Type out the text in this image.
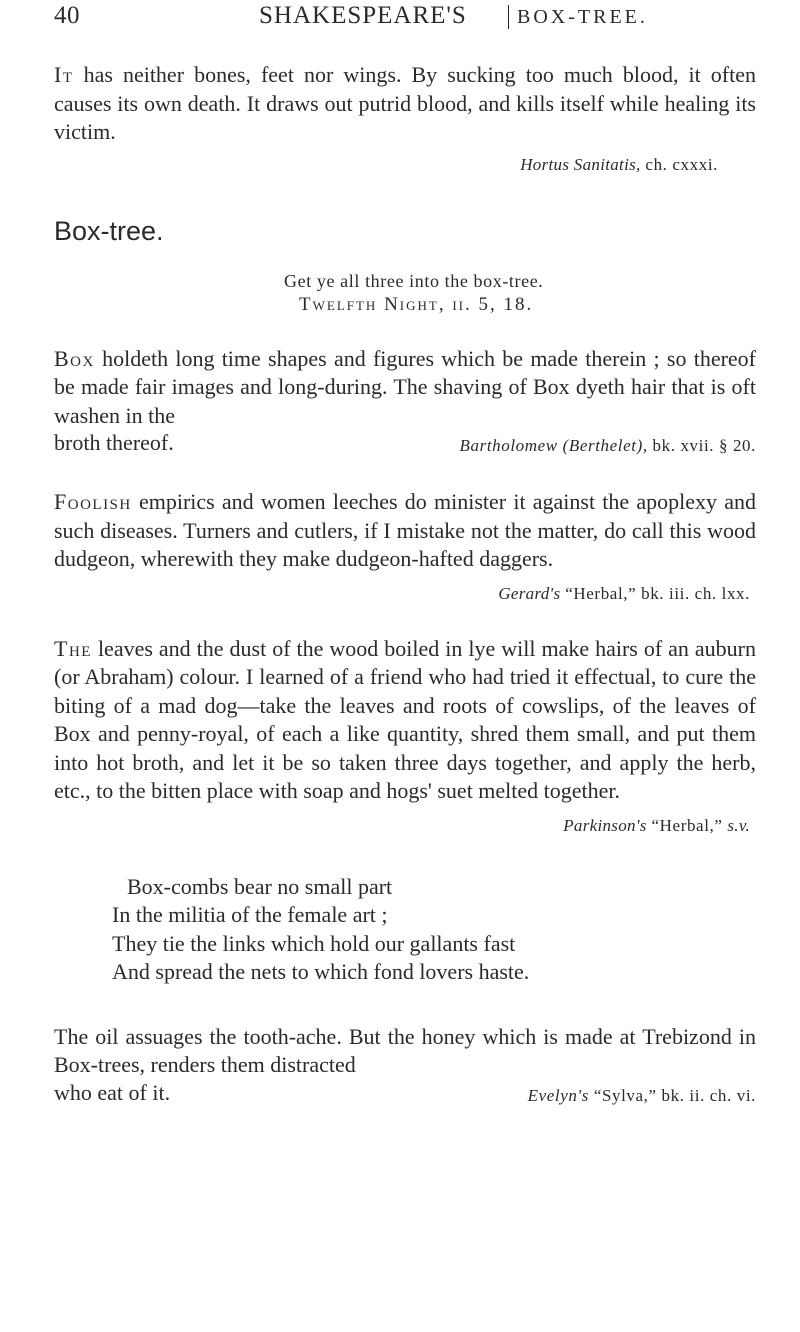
40	SHAKESPEARE'S	BOX-TREE.

It has neither bones, feet nor wings. By sucking too much blood, it often causes its own death. It draws out putrid blood, and kills itself while healing its victim.

Hortus Sanitatis, ch. cxxxi.

Box-tree.
Get ye all three into the box-tree.
Twelfth Night, ii. 5, 18.

Box holdeth long time shapes and figures which be made therein ; so thereof be made fair images and long-during. The shaving of Box dyeth hair that is oft washen in the

broth thereof.	Bartholomew (Berthelet), bk. xvii. § 20.

Foolish empirics and women leeches do minister it against the apoplexy and such diseases. Turners and cutlers, if I mistake not the matter, do call this wood dudgeon, wherewith they make dudgeon-hafted daggers.

Gerard's “Herbal,” bk. iii. ch. lxx.

The leaves and the dust of the wood boiled in lye will make hairs of an auburn (or Abraham) colour. I learned of a friend who had tried it effectual, to cure the biting of a mad dog—take the leaves and roots of cowslips, of the leaves of Box and penny-royal, of each a like quantity, shred them small, and put them into hot broth, and let it be so taken three days together, and apply the herb, etc., to the bitten place with soap and hogs' suet melted together.

Parkinson's “Herbal,” s.v.

Box-combs bear no small part
In the militia of the female art ;
They tie the links which hold our gallants fast
And spread the nets to which fond lovers haste.

The oil assuages the tooth-ache. But the honey which is made at Trebizond in Box-trees, renders them distracted

who eat of it.	Evelyn's “Sylva,” bk. ii. ch. vi.
